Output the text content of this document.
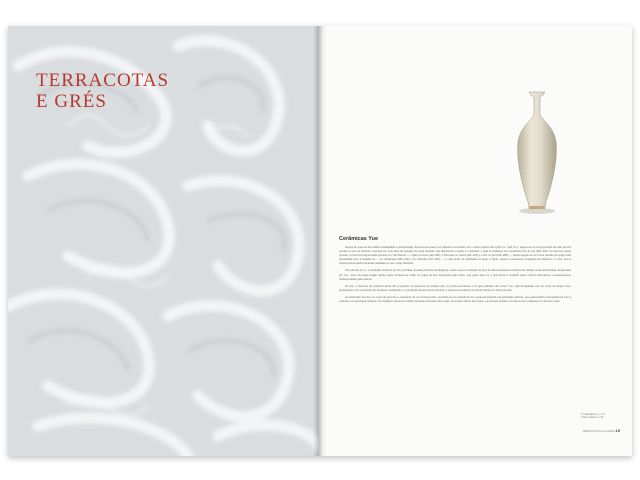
TERRACOTAS
E GRÉS
Cerâmicas Yue

Depois de uma era de relativa instabilidade e prosperidade, floresceu as artes e as relações comerciais, sob o vasto Império Han (206 a.C.–220 d.C.), seguiu-se um longo período de mais de três séculos e meio de divisões, marcado por uma série de reinados de curta duração, que disputavam o poder e o território; o qual só voltaria a ser reunificado com os Sui (581–618). No decorrer desse período, a China foi fragmentada primeiro em Três Reinos — o Wei no Norte (220–265), o Shu-Han no Oeste (221–263) e o Wu no Sul (222–280) —, depois seguiu-se um breve período de poder mais centralizado com a dinastia Jin — Jin Ocidentais (265–316) e Jin Orientais (317–420) — e, mais tarde, foi partilhada em duas: o Norte, sujeito a sucessivas ocupações de bárbaros, e o Sul, com a hegemonia de quatro dinastias sediadas no que é hoje Nanquim.

Nos séculos iii e iv, a produção cerâmica do Sul, centrada na atual província de Zhejiang, evoluiu para a produção de grés de alta temperatura cobertos de vidrado verde-acinzentado, designados por Yue, nome da antiga região. Estas peças tornaram-se então um artigo de luxo apreciado pelas elites, cujo gosto pela cor e pela forma é revelado pelos motivos decorativos, sucessivamente reinterpretados pelos oleiros.

No Sul, o interesse da cerâmica ainda não progrediu nos decénios do grande fogo; as 'proto-porcelanas' e os grés vidrados dos fornos Yue, cuja designação vem do nome da antiga zona, prosperaram sob a proteção das dinastias meridionais, e a produção destes fornos dominou o panorama cerâmico do Sul da China por vários séculos.

As cerâmicas Yue têm um corpo de grés fino e compacto, de cor cinzento-claro, revestido de um vidrado de tom verde-acinzentado, de aplicação uniforme, que ganha brilho e transparência com a cozedura em atmosfera redutora. Os vidrados raramente cobriam as bases inferiores das peças, ou a parte interior dos potes, e as formas tendiam a imitar as dos recipientes em bronze e laca.

1 Tradução livre, p. 13.
2 Idem, ibidem, p. 64.
TERRACOTAS E GRÉS 19
